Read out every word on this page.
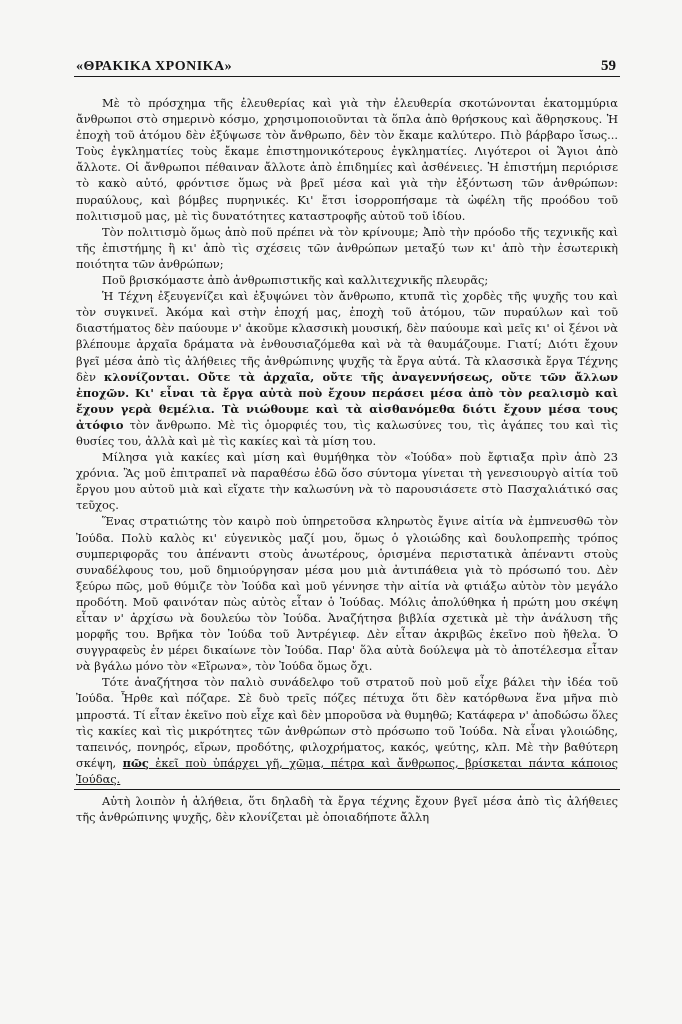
«ΘΡΑΚΙΚΑ ΧΡΟΝΙΚΑ»	59

Μὲ τὸ πρόσχημα τῆς ἐλευθερίας καὶ γιὰ τὴν ἐλευθερία σκοτώνονται ἑκατομμύρια ἄνθρωποι στὸ σημερινὸ κόσμο, χρησιμοποιοῦνται τὰ ὅπλα ἀπὸ θρήσκους καὶ ἄθρησκους. Ἡ ἐποχὴ τοῦ ἀτόμου δὲν ἐξύψωσε τὸν ἄνθρωπο, δὲν τὸν ἔκαμε καλύτερο. Πιὸ βάρβαρο ἴσως... Τοὺς ἐγκληματίες τοὺς ἔκαμε ἐπιστημονικότερους ἐγκληματίες. Λιγότεροι οἱ Ἅγιοι ἀπὸ ἄλλοτε. Οἱ ἄνθρωποι πέθαιναν ἄλλοτε ἀπὸ ἐπιδημίες καὶ ἀσθένειες. Ἡ ἐπιστήμη περιόρισε τὸ κακὸ αὐτό, φρόντισε ὅμως νὰ βρεῖ μέσα καὶ γιὰ τὴν ἐξόντωση τῶν ἀνθρώπων: πυραύλους, καὶ βόμβες πυρηνικές. Κι' ἔτσι ἰσορροπήσαμε τὰ ὠφέλη τῆς προόδου τοῦ πολιτισμοῦ μας, μὲ τὶς δυνατότητες καταστροφῆς αὐτοῦ τοῦ ἰδίου.

Τὸν πολιτισμὸ ὅμως ἀπὸ ποῦ πρέπει νὰ τὸν κρίνουμε; Ἀπὸ τὴν πρόοδο τῆς τεχνικῆς καὶ τῆς ἐπιστήμης ἢ κι' ἀπὸ τὶς σχέσεις τῶν ἀνθρώπων μεταξύ των κι' ἀπὸ τὴν ἐσωτερικὴ ποιότητα τῶν ἀνθρώπων;

Ποῦ βρισκόμαστε ἀπὸ ἀνθρωπιστικῆς καὶ καλλιτεχνικῆς πλευρᾶς;

Ἡ Τέχνη ἐξευγενίζει καὶ ἐξυψώνει τὸν ἄνθρωπο, κτυπᾶ τὶς χορδὲς τῆς ψυχῆς του καὶ τὸν συγκινεῖ. Ἀκόμα καὶ στὴν ἐποχή μας, ἐποχὴ τοῦ ἀτόμου, τῶν πυραύλων καὶ τοῦ διαστήματος δὲν παύουμε ν' ἀκοῦμε κλασσικὴ μουσική, δὲν παύουμε καὶ μεῖς κι' οἱ ξένοι νὰ βλέπουμε ἀρχαῖα δράματα νὰ ἐνθουσιαζόμεθα καὶ νὰ τὰ θαυμάζουμε. Γιατί; Διότι ἔχουν βγεῖ μέσα ἀπὸ τὶς ἀλήθειες τῆς ἀνθρώπινης ψυχῆς τὰ ἔργα αὐτά. Τὰ κλασσικὰ ἔργα Τέχνης δὲν κλονίζονται. Οὔτε τὰ ἀρχαῖα, οὔτε τῆς ἀναγεννήσεως, οὔτε τῶν ἄλλων ἐποχῶν. Κι' εἶναι τὰ ἔργα αὐτὰ ποὺ ἔχουν περάσει μέσα ἀπὸ τὸν ρεαλισμὸ καὶ ἔχουν γερὰ θεμέλια. Τὰ νιώθουμε καὶ τὰ αἰσθανόμεθα διότι ἔχουν μέσα τους ἀτόφιο τὸν ἄνθρωπο. Μὲ τὶς ὁμορφιές του, τὶς καλωσύνες του, τὶς ἀγάπες του καὶ τὶς θυσίες του, ἀλλὰ καὶ μὲ τὶς κακίες καὶ τὰ μίση του.

Μίλησα γιὰ κακίες καὶ μίση καὶ θυμήθηκα τὸν «Ἰούδα» ποὺ ἔφτιαξα πρὶν ἀπὸ 23 χρόνια. Ἂς μοῦ ἐπιτραπεῖ νὰ παραθέσω ἐδῶ ὅσο σύντομα γίνεται τὴ γενεσιουργὸ αἰτία τοῦ ἔργου μου αὐτοῦ μιὰ καὶ εἴχατε τὴν καλωσύνη νὰ τὸ παρουσιάσετε στὸ Πασχαλιάτικό σας τεῦχος.

Ἕνας στρατιώτης τὸν καιρὸ ποὺ ὑπηρετοῦσα κληρωτὸς ἔγινε αἰτία νὰ ἐμπνευσθῶ τὸν Ἰούδα. Πολὺ καλὸς κι' εὐγενικὸς μαζί μου, ὅμως ὁ γλοιώδης καὶ δουλοπρεπὴς τρόπος συμπεριφορᾶς του ἀπέναντι στοὺς ἀνωτέρους, ὁρισμένα περιστατικὰ ἀπέναντι στοὺς συναδέλφους του, μοῦ δημιούργησαν μέσα μου μιὰ ἀντιπάθεια γιὰ τὸ πρόσωπό του. Δὲν ξεύρω πῶς, μοῦ θύμιζε τὸν Ἰούδα καὶ μοῦ γέννησε τὴν αἰτία νὰ φτιάξω αὐτὸν τὸν μεγάλο προδότη. Μοῦ φαινόταν πὼς αὐτὸς εἶταν ὁ Ἰούδας. Μόλις ἀπολύθηκα ἡ πρώτη μου σκέψη εἶταν ν' ἀρχίσω νὰ δουλεύω τὸν Ἰούδα. Ἀναζήτησα βιβλία σχετικὰ μὲ τὴν ἀνάλυση τῆς μορφῆς του. Βρῆκα τὸν Ἰούδα τοῦ Ἀντρέγιεφ. Δὲν εἶταν ἀκριβῶς ἐκεῖνο ποὺ ἤθελα. Ὁ συγγραφεὺς ἐν μέρει δικαίωνε τὸν Ἰούδα. Παρ' ὅλα αὐτὰ δούλεψα μὰ τὸ ἀποτέλεσμα εἶταν νὰ βγάλω μόνο τὸν «Εἴρωνα», τὸν Ἰούδα ὅμως ὄχι.

Τότε ἀναζήτησα τὸν παλιὸ συνάδελφο τοῦ στρατοῦ ποὺ μοῦ εἶχε βάλει τὴν ἰδέα τοῦ Ἰούδα. Ἦρθε καὶ πόζαρε. Σὲ δυὸ τρεῖς πόζες πέτυχα ὅτι δὲν κατόρθωνα ἕνα μῆνα πιὸ μπροστά. Τί εἶταν ἐκεῖνο ποὺ εἶχε καὶ δὲν μποροῦσα νὰ θυμηθῶ; Κατάφερα ν' ἀποδώσω ὅλες τὶς κακίες καὶ τὶς μικρότητες τῶν ἀνθρώπων στὸ πρόσωπο τοῦ Ἰούδα. Νὰ εἶναι γλοιώδης, ταπεινός, πονηρός, εἴρων, προδότης, φιλοχρήματος, κακός, ψεύτης, κλπ. Μὲ τὴν βαθύτερη σκέψη, πῶς ἐκεῖ ποὺ ὑπάρχει γῆ, χῶμα, πέτρα καὶ ἄνθρωπος, βρίσκεται πάντα κάποιος Ἰούδας.

Αὐτὴ λοιπὸν ἡ ἀλήθεια, ὅτι δηλαδὴ τὰ ἔργα τέχνης ἔχουν βγεῖ μέσα ἀπὸ τὶς ἀλήθειες τῆς ἀνθρώπινης ψυχῆς, δὲν κλονίζεται μὲ ὁποιαδήποτε ἄλλη
